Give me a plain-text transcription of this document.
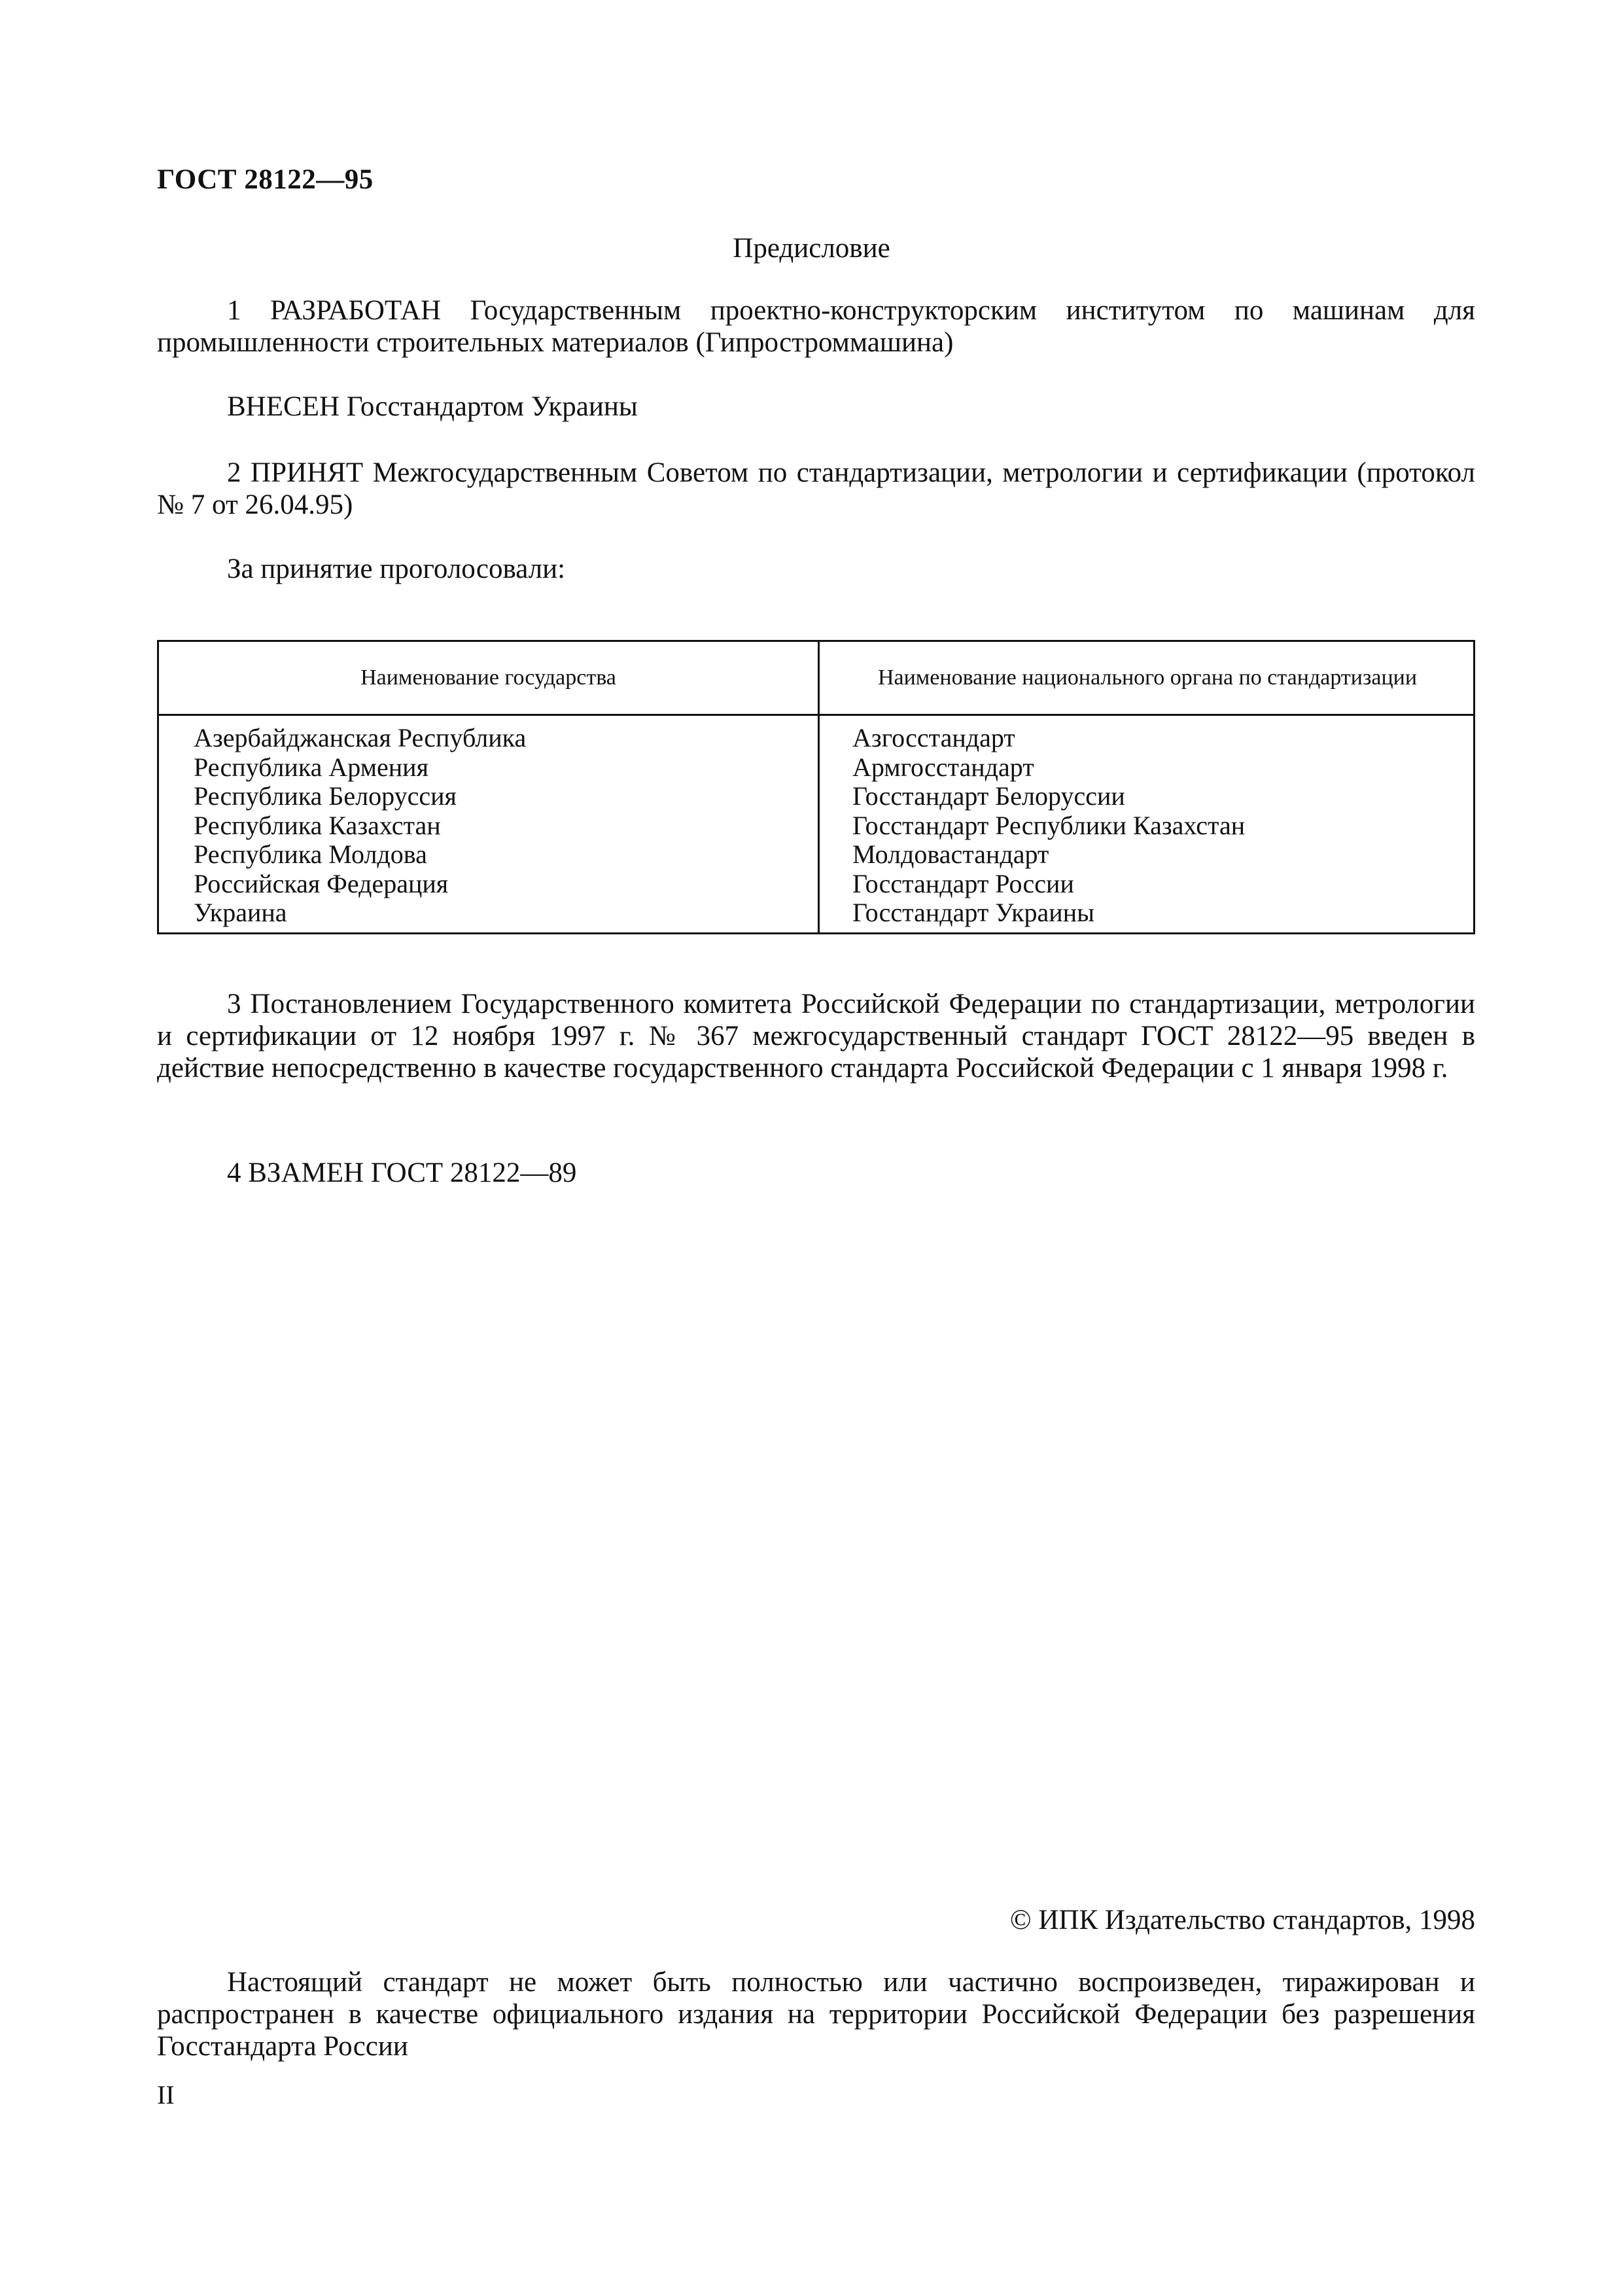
ГОСТ 28122—95
Предисловие
1 РАЗРАБОТАН Государственным проектно-конструкторским институтом по машинам для промышленности строительных материалов (Гипростроммашина)
ВНЕСЕН Госстандартом Украины
2 ПРИНЯТ Межгосударственным Советом по стандартизации, метрологии и сертификации (протокол № 7 от 26.04.95)
За принятие проголосовали:
Наименование государства	Наименование национального органа по стандартизации
Азербайджанская Республика
Республика Армения
Республика Белоруссия
Республика Казахстан
Республика Молдова
Российская Федерация
Украина
Азгосстандарт
Армгосстандарт
Госстандарт Белоруссии
Госстандарт Республики Казахстан
Молдовастандарт
Госстандарт России
Госстандарт Украины
3 Постановлением Государственного комитета Российской Федерации по стандартизации, метрологии и сертификации от 12 ноября 1997 г. № 367 межгосударственный стандарт ГОСТ 28122—95 введен в действие непосредственно в качестве государственного стандарта Российской Федерации с 1 января 1998 г.
4 ВЗАМЕН ГОСТ 28122—89
© ИПК Издательство стандартов, 1998
Настоящий стандарт не может быть полностью или частично воспроизведен, тиражирован и распространен в качестве официального издания на территории Российской Федерации без разрешения Госстандарта России
II
